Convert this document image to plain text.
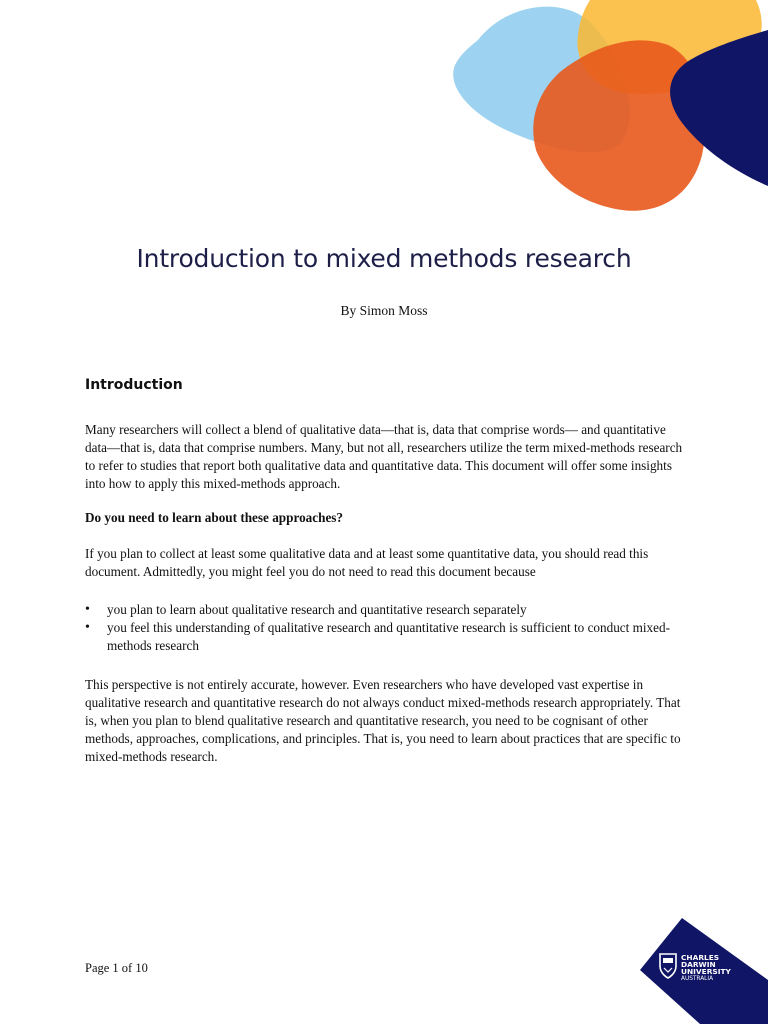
Introduction to mixed methods research
By Simon Moss
Introduction
Many researchers will collect a blend of qualitative data—that is, data that comprise words— and quantitative data—that is, data that comprise numbers. Many, but not all, researchers utilize the term mixed-methods research to refer to studies that report both qualitative data and quantitative data. This document will offer some insights into how to apply this mixed-methods approach.
Do you need to learn about these approaches?
If you plan to collect at least some qualitative data and at least some quantitative data, you should read this document. Admittedly, you might feel you do not need to read this document because
• you plan to learn about qualitative research and quantitative research separately
• you feel this understanding of qualitative research and quantitative research is sufficient to conduct mixed-methods research
This perspective is not entirely accurate, however. Even researchers who have developed vast expertise in qualitative research and quantitative research do not always conduct mixed-methods research appropriately. That is, when you plan to blend qualitative research and quantitative research, you need to be cognisant of other methods, approaches, complications, and principles. That is, you need to learn about practices that are specific to mixed-methods research.
Page 1 of 10
CHARLES
DARWIN
UNIVERSITY
AUSTRALIA
